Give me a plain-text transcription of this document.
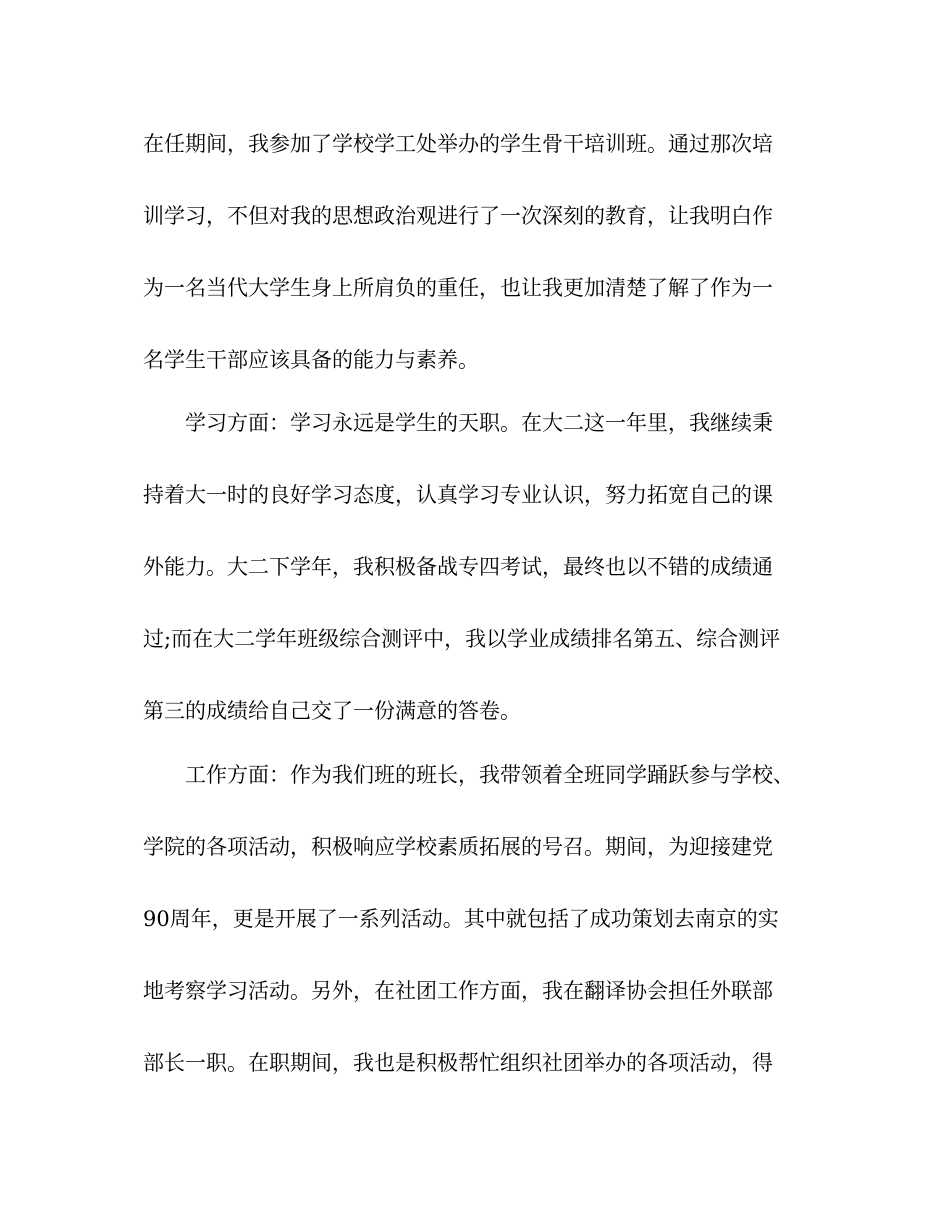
在任期间，我参加了学校学工处举办的学生骨干培训班。通过那次培
训学习，不但对我的思想政治观进行了一次深刻的教育，让我明白作
为一名当代大学生身上所肩负的重任，也让我更加清楚了解了作为一
名学生干部应该具备的能力与素养。
学习方面：学习永远是学生的天职。在大二这一年里，我继续秉
持着大一时的良好学习态度，认真学习专业认识，努力拓宽自己的课
外能力。大二下学年，我积极备战专四考试，最终也以不错的成绩通
过;而在大二学年班级综合测评中，我以学业成绩排名第五、综合测评
第三的成绩给自己交了一份满意的答卷。
工作方面：作为我们班的班长，我带领着全班同学踊跃参与学校、
学院的各项活动，积极响应学校素质拓展的号召。期间，为迎接建党
90周年，更是开展了一系列活动。其中就包括了成功策划去南京的实
地考察学习活动。另外，在社团工作方面，我在翻译协会担任外联部
部长一职。在职期间，我也是积极帮忙组织社团举办的各项活动，得
